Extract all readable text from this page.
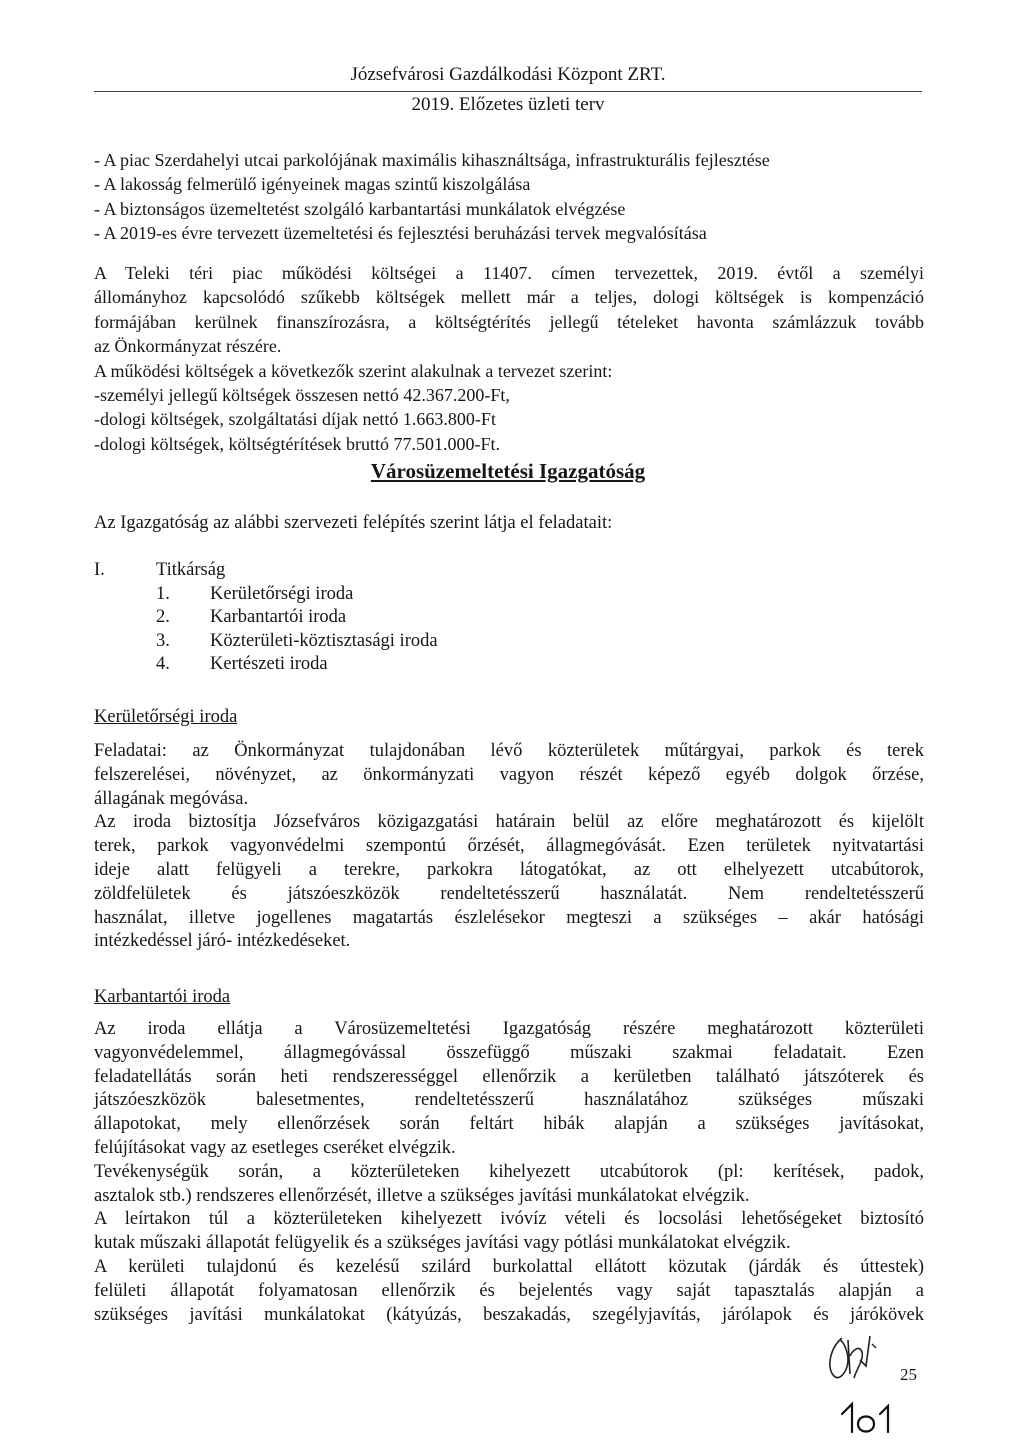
Józsefvárosi Gazdálkodási Központ ZRT.
2019. Előzetes üzleti terv
- A piac Szerdahelyi utcai parkolójának maximális kihasználtsága, infrastrukturális fejlesztése
- A lakosság felmerülő igényeinek magas szintű kiszolgálása
- A biztonságos üzemeltetést szolgáló karbantartási munkálatok elvégzése
- A 2019-es évre tervezett üzemeltetési és fejlesztési beruházási tervek megvalósítása
A Teleki téri piac működési költségei a 11407. címen tervezettek, 2019. évtől a személyi
állományhoz kapcsolódó szűkebb költségek mellett már a teljes, dologi költségek is kompenzáció
formájában kerülnek finanszírozásra, a költségtérítés jellegű tételeket havonta számlázzuk tovább
az Önkormányzat részére.
A működési költségek a következők szerint alakulnak a tervezet szerint:
-személyi jellegű költségek összesen nettó 42.367.200-Ft,
-dologi költségek, szolgáltatási díjak nettó 1.663.800-Ft
-dologi költségek, költségtérítések bruttó 77.501.000-Ft.
Városüzemeltetési Igazgatóság
Az Igazgatóság az alábbi szervezeti felépítés szerint látja el feladatait:
I.	Titkárság
1.	Kerületőrségi iroda
2.	Karbantartói iroda
3.	Közterületi-köztisztasági iroda
4.	Kertészeti iroda
Kerületőrségi iroda
Feladatai: az Önkormányzat tulajdonában lévő közterületek műtárgyai, parkok és terek
felszerelései, növényzet, az önkormányzati vagyon részét képező egyéb dolgok őrzése,
állagának megóvása.
Az iroda biztosítja Józsefváros közigazgatási határain belül az előre meghatározott és kijelölt
terek, parkok vagyonvédelmi szempontú őrzését, állagmegóvását. Ezen területek nyitvatartási
ideje alatt felügyeli a terekre, parkokra látogatókat, az ott elhelyezett utcabútorok,
zöldfelületek és játszóeszközök rendeltetésszerű használatát. Nem rendeltetésszerű
használat, illetve jogellenes magatartás észlelésekor megteszi a szükséges – akár hatósági
intézkedéssel járó- intézkedéseket.
Karbantartói iroda
Az iroda ellátja a Városüzemeltetési Igazgatóság részére meghatározott közterületi
vagyonvédelemmel, állagmegóvással összefüggő műszaki szakmai feladatait. Ezen
feladatellátás során heti rendszerességgel ellenőrzik a kerületben található játszóterek és
játszóeszközök balesetmentes, rendeltetésszerű használatához szükséges műszaki
állapotokat, mely ellenőrzések során feltárt hibák alapján a szükséges javításokat,
felújításokat vagy az esetleges cseréket elvégzik.
Tevékenységük során, a közterületeken kihelyezett utcabútorok (pl: kerítések, padok,
asztalok stb.) rendszeres ellenőrzését, illetve a szükséges javítási munkálatokat elvégzik.
A leírtakon túl a közterületeken kihelyezett ivóvíz vételi és locsolási lehetőségeket biztosító
kutak műszaki állapotát felügyelik és a szükséges javítási vagy pótlási munkálatokat elvégzik.
A kerületi tulajdonú és kezelésű szilárd burkolattal ellátott közutak (járdák és úttestek)
felületi állapotát folyamatosan ellenőrzik és bejelentés vagy saját tapasztalás alapján a
szükséges javítási munkálatokat (kátyúzás, beszakadás, szegélyjavítás, járólapok és járókövek
25
